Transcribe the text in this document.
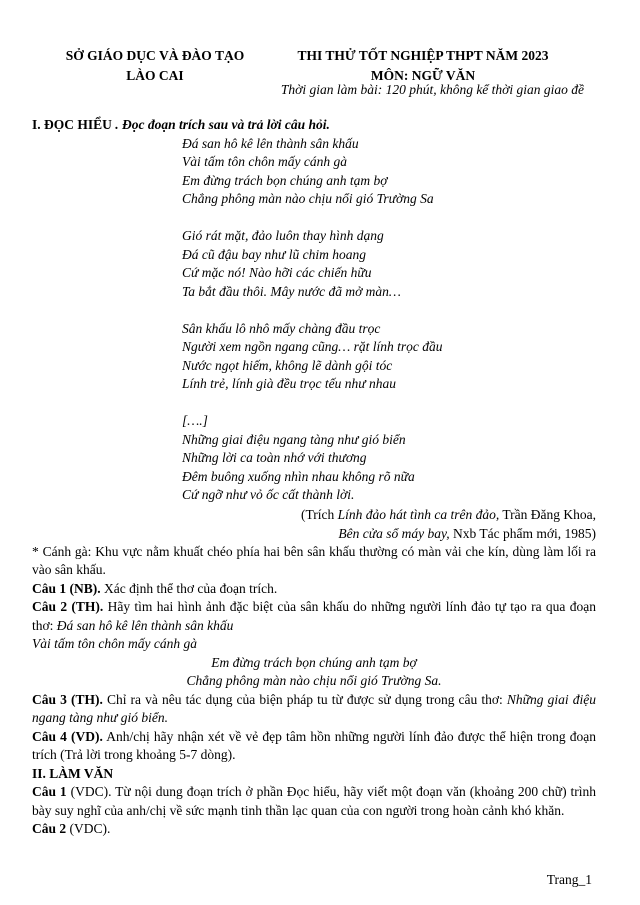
SỞ GIÁO DỤC VÀ ĐÀO TẠO
LÀO CAI
THI THỬ TỐT NGHIỆP THPT NĂM 2023
MÔN: NGỮ VĂN
Thời gian làm bài: 120 phút, không kể thời gian giao đề

I. ĐỌC HIỂU . Đọc đoạn trích sau và trả lời câu hỏi.

Đá san hô kê lên thành sân khấu

Vài tấm tôn chôn mấy cánh gà

Em đừng trách bọn chúng anh tạm bợ

Chẳng phông màn nào chịu nổi gió Trường Sa

Gió rát mặt, đảo luôn thay hình dạng

Đá cũ đậu bay như lũ chim hoang

Cứ mặc nó! Nào hỡi các chiến hữu

Ta bắt đầu thôi. Mây nước đã mở màn…

Sân khấu lô nhô mấy chàng đầu trọc

Người xem ngồn ngang cũng… rặt lính trọc đầu

Nước ngọt hiếm, không lẽ dành gội tóc

Lính trẻ, lính già đều trọc tếu như nhau

[….]

Những giai điệu ngang tàng như gió biển

Những lời ca toàn nhớ với thương

Đêm buông xuống nhìn nhau không rõ nữa

Cứ ngỡ như vỏ ốc cất thành lời.

(Trích Lính đảo hát tình ca trên đảo, Trần Đăng Khoa,

Bên cửa sổ máy bay, Nxb Tác phẩm mới, 1985)

* Cánh gà: Khu vực nằm khuất chéo phía hai bên sân khấu thường có màn vải che kín, dùng làm lối ra vào sân khấu.

Câu 1 (NB). Xác định thể thơ của đoạn trích.

Câu 2 (TH). Hãy tìm hai hình ảnh đặc biệt của sân khấu do những người lính đảo tự tạo ra qua đoạn thơ: Đá san hô kê lên thành sân khấu

Vài tấm tôn chôn mấy cánh gà

Em đừng trách bọn chúng anh tạm bợ

Chẳng phông màn nào chịu nổi gió Trường Sa.

Câu 3 (TH). Chỉ ra và nêu tác dụng của biện pháp tu từ được sử dụng trong câu thơ: Những giai điệu ngang tàng như gió biển.

Câu 4 (VD). Anh/chị hãy nhận xét về vẻ đẹp tâm hồn những người lính đảo được thể hiện trong đoạn trích (Trả lời trong khoảng 5-7 dòng).

II. LÀM VĂN

Câu 1 (VDC). Từ nội dung đoạn trích ở phần Đọc hiểu, hãy viết một đoạn văn (khoảng 200 chữ) trình bày suy nghĩ của anh/chị về sức mạnh tinh thần lạc quan của con người trong hoàn cảnh khó khăn.

Câu 2 (VDC).

Trang_1
